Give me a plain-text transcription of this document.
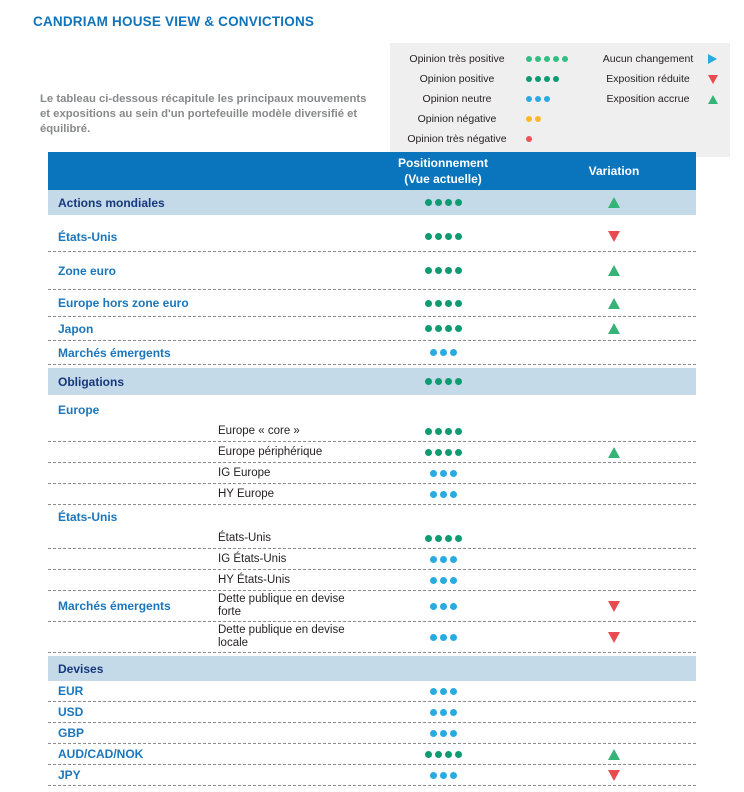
CANDRIAM HOUSE VIEW & CONVICTIONS

Le tableau ci-dessous récapitule les principaux mouvements et expositions au sein d'un portefeuille modèle diversifié et équilibré.

Opinion très positive
Opinion positive
Opinion neutre
Opinion négative
Opinion très négative
Aucun changement
Exposition réduite
Exposition accrue
Positionnement
(Vue actuelle)
Variation
Actions mondiales
États-Unis
Zone euro
Europe hors zone euro
Japon
Marchés émergents
Obligations
Europe
Europe « core »
Europe périphérique
IG Europe
HY Europe
États-Unis
États-Unis
IG États-Unis
HY États-Unis
Marchés émergents	Dette publique en devise forte
Dette publique en devise locale
Devises
EUR
USD
GBP
AUD/CAD/NOK
JPY
